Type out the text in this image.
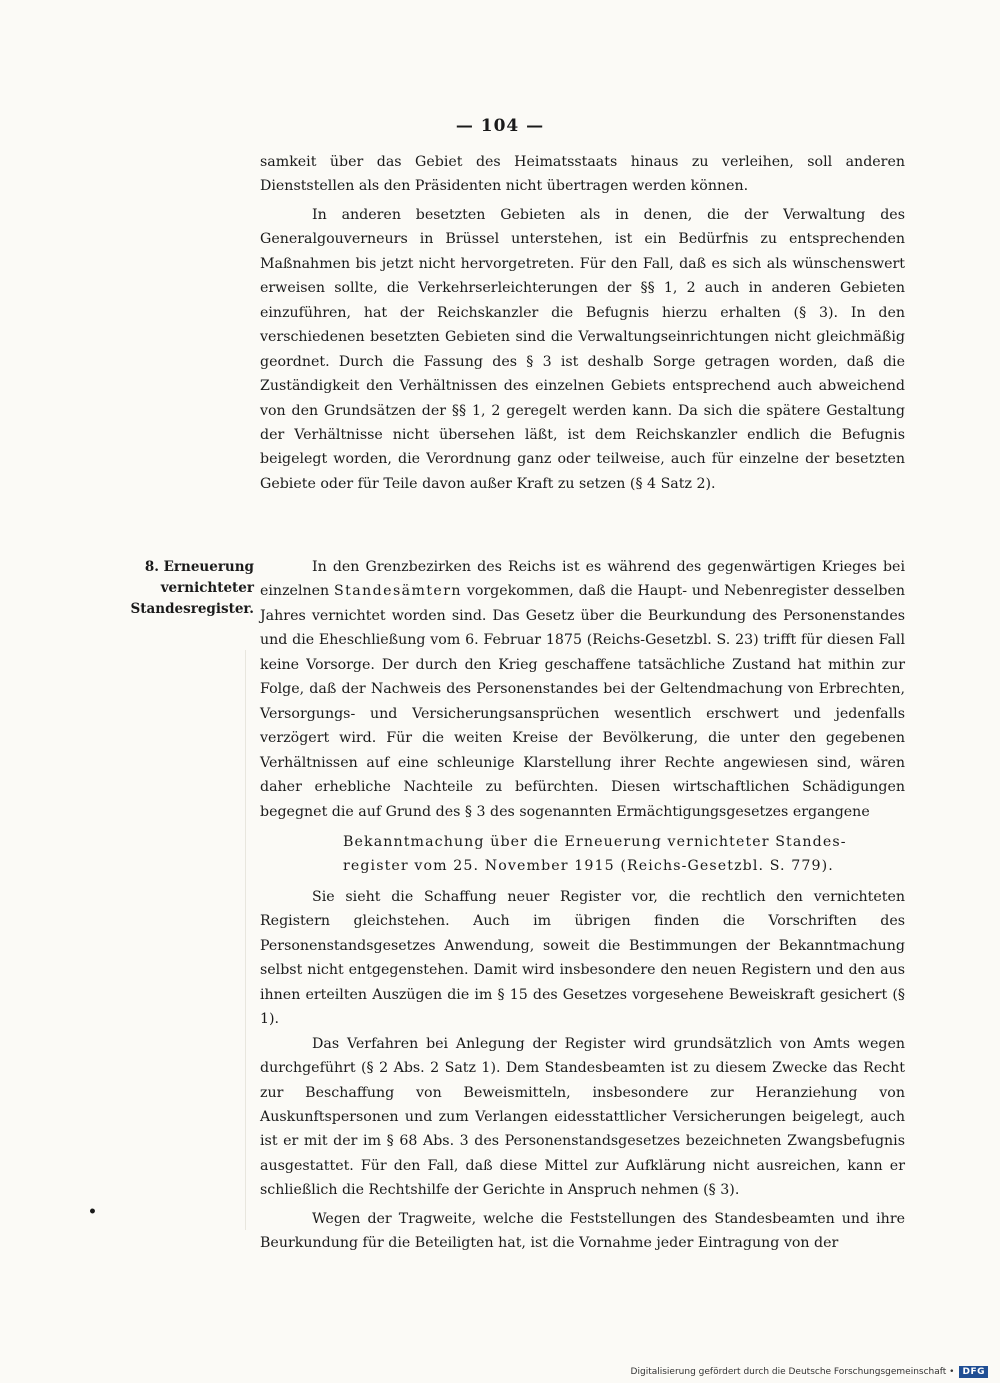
— 104 —

samkeit über das Gebiet des Heimatsstaats hinaus zu verleihen, soll anderen Dienststellen als den Präsidenten nicht übertragen werden können.

In anderen besetzten Gebieten als in denen, die der Verwaltung des Generalgouverneurs in Brüssel unterstehen, ist ein Bedürfnis zu entsprechenden Maßnahmen bis jetzt nicht hervorgetreten. Für den Fall, daß es sich als wünschenswert erweisen sollte, die Verkehrserleichterungen der §§ 1, 2 auch in anderen Gebieten einzuführen, hat der Reichskanzler die Befugnis hierzu erhalten (§ 3). In den verschiedenen besetzten Gebieten sind die Verwaltungseinrichtungen nicht gleichmäßig geordnet. Durch die Fassung des § 3 ist deshalb Sorge getragen worden, daß die Zuständigkeit den Verhältnissen des einzelnen Gebiets entsprechend auch abweichend von den Grundsätzen der §§ 1, 2 geregelt werden kann. Da sich die spätere Gestaltung der Verhältnisse nicht übersehen läßt, ist dem Reichskanzler endlich die Befugnis beigelegt worden, die Verordnung ganz oder teilweise, auch für einzelne der besetzten Gebiete oder für Teile davon außer Kraft zu setzen (§ 4 Satz 2).

8. Erneuerung vernichteter Standesregister.

In den Grenzbezirken des Reichs ist es während des gegenwärtigen Krieges bei einzelnen Standesämtern vorgekommen, daß die Haupt- und Nebenregister desselben Jahres vernichtet worden sind. Das Gesetz über die Beurkundung des Personenstandes und die Eheschließung vom 6. Februar 1875 (Reichs-Gesetzbl. S. 23) trifft für diesen Fall keine Vorsorge. Der durch den Krieg geschaffene tatsächliche Zustand hat mithin zur Folge, daß der Nachweis des Personenstandes bei der Geltendmachung von Erbrechten, Versorgungs- und Versicherungsansprüchen wesentlich erschwert und jedenfalls verzögert wird. Für die weiten Kreise der Bevölkerung, die unter den gegebenen Verhältnissen auf eine schleunige Klarstellung ihrer Rechte angewiesen sind, wären daher erhebliche Nachteile zu befürchten. Diesen wirtschaftlichen Schädigungen begegnet die auf Grund des § 3 des sogenannten Ermächtigungsgesetzes ergangene

Bekanntmachung über die Erneuerung vernichteter Standes-
register vom 25. November 1915 (Reichs-Gesetzbl. S. 779).

Sie sieht die Schaffung neuer Register vor, die rechtlich den vernichteten Registern gleichstehen. Auch im übrigen finden die Vorschriften des Personenstandsgesetzes Anwendung, soweit die Bestimmungen der Bekanntmachung selbst nicht entgegenstehen. Damit wird insbesondere den neuen Registern und den aus ihnen erteilten Auszügen die im § 15 des Gesetzes vorgesehene Beweiskraft gesichert (§ 1).

Das Verfahren bei Anlegung der Register wird grundsätzlich von Amts wegen durchgeführt (§ 2 Abs. 2 Satz 1). Dem Standesbeamten ist zu diesem Zwecke das Recht zur Beschaffung von Beweismitteln, insbesondere zur Heranziehung von Auskunftspersonen und zum Verlangen eidesstattlicher Versicherungen beigelegt, auch ist er mit der im § 68 Abs. 3 des Personenstandsgesetzes bezeichneten Zwangsbefugnis ausgestattet. Für den Fall, daß diese Mittel zur Aufklärung nicht ausreichen, kann er schließlich die Rechtshilfe der Gerichte in Anspruch nehmen (§ 3).

Wegen der Tragweite, welche die Feststellungen des Standesbeamten und ihre Beurkundung für die Beteiligten hat, ist die Vornahme jeder Eintragung von der

•
Digitalisierung gefördert durch die Deutsche Forschungsgemeinschaft • DFG
